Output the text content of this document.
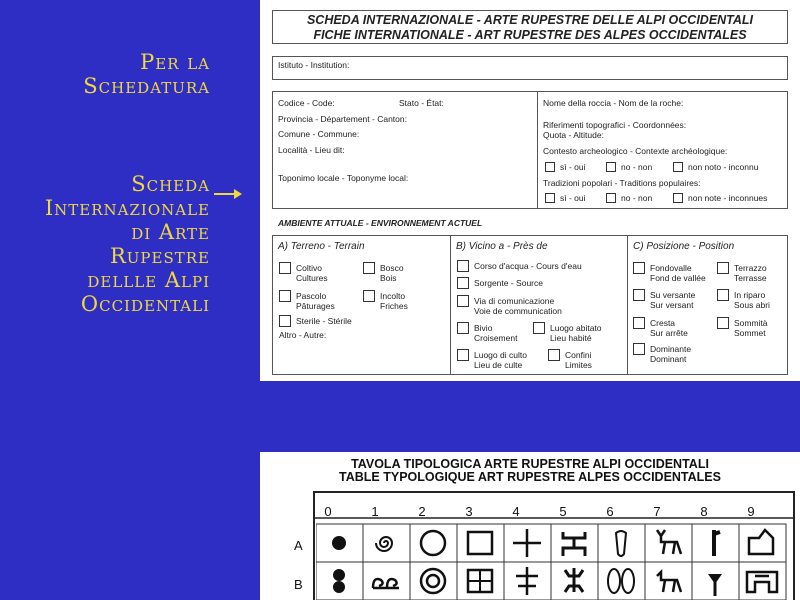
Per la
Schedatura
Scheda
Internazionale
di Arte
Rupestre
dellle Alpi
Occidentali
SCHEDA INTERNAZIONALE - ARTE RUPESTRE DELLE ALPI OCCIDENTALI
FICHE INTERNATIONALE - ART RUPESTRE DES ALPES OCCIDENTALES
Istituto - Institution:
Codice - Code:	Stato - État:
Provincia - Département - Canton:
Comune - Commune:
Località - Lieu dit:
Toponimo locale - Toponyme local:
Nome della roccia - Nom de la roche:
Riferimenti topografici - Coordonnées:
Quota - Altitude:
Contesto archeologico - Contexte archéologique:
sì - oui	no - non	non noto - inconnu
Tradizioni popolari - Traditions populaires:
sì - oui	no - non	non note - inconnues
AMBIENTE ATTUALE - ENVIRONNEMENT ACTUEL
A) Terreno - Terrain
Coltivo
Cultures
Bosco
Bois
Pascolo
Pâturages
Incolto
Friches
Sterile - Stérile
Altro - Autre:
B) Vicino a - Près de
Corso d'acqua - Cours d'eau
Sorgente - Source
Via di comunicazione
Voie de communication
Bivio
Croisement
Luogo abitato
Lieu habité
Luogo di culto
Lieu de culte
Confini
Limites
C) Posizione - Position
Fondovalle
Fond de vallée
Terrazzo
Terrasse
Su versante
Sur versant
In riparo
Sous abri
Cresta
Sur arrête
Sommità
Sommet
Dominante
Dominant
TAVOLA TIPOLOGICA ARTE RUPESTRE ALPI OCCIDENTALI
TABLE TYPOLOGIQUE ART RUPESTRE ALPES OCCIDENTALES
A
B
0	1	2	3	4	5	6	7	8	9
